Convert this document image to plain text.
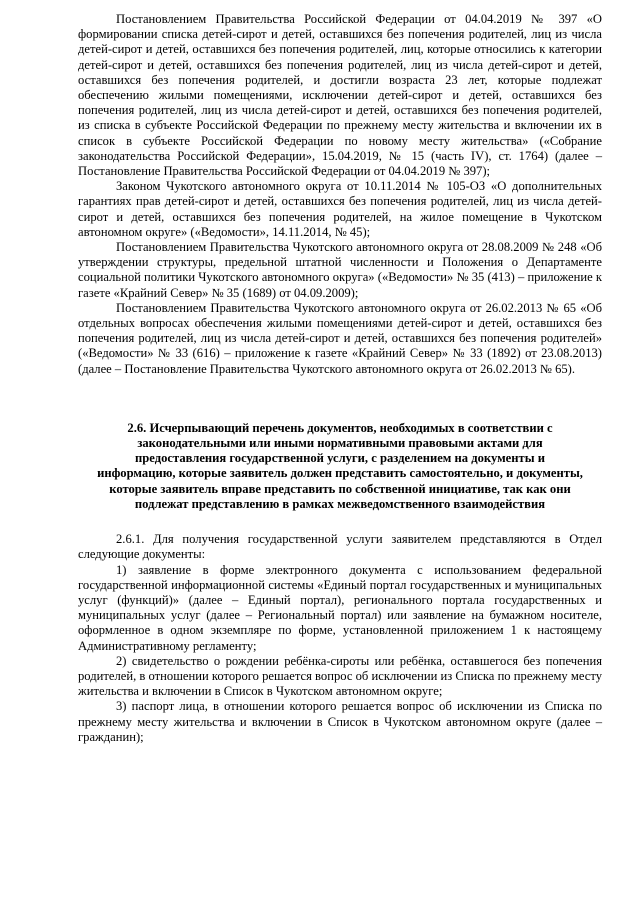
Постановлением Правительства Российской Федерации от 04.04.2019 № 397 «О формировании списка детей-сирот и детей, оставшихся без попечения родителей, лиц из числа детей-сирот и детей, оставшихся без попечения родителей, лиц, которые относились к категории детей-сирот и детей, оставшихся без попечения родителей, лиц из числа детей-сирот и детей, оставшихся без попечения родителей, и достигли возраста 23 лет, которые подлежат обеспечению жилыми помещениями, исключении детей-сирот и детей, оставшихся без попечения родителей, лиц из числа детей-сирот и детей, оставшихся без попечения родителей, из списка в субъекте Российской Федерации по прежнему месту жительства и включении их в список в субъекте Российской Федерации по новому месту жительства» («Собрание законодательства Российской Федерации», 15.04.2019, № 15 (часть IV), ст. 1764) (далее – Постановление Правительства Российской Федерации от 04.04.2019 № 397);

Законом Чукотского автономного округа от 10.11.2014 № 105-ОЗ «О дополнительных гарантиях прав детей-сирот и детей, оставшихся без попечения родителей, лиц из числа детей-сирот и детей, оставшихся без попечения родителей, на жилое помещение в Чукотском автономном округе» («Ведомости», 14.11.2014, № 45);

Постановлением Правительства Чукотского автономного округа от 28.08.2009 № 248 «Об утверждении структуры, предельной штатной численности и Положения о Департаменте социальной политики Чукотского автономного округа» («Ведомости» № 35 (413) – приложение к газете «Крайний Север» № 35 (1689) от 04.09.2009);

Постановлением Правительства Чукотского автономного округа от 26.02.2013 № 65 «Об отдельных вопросах обеспечения жилыми помещениями детей-сирот и детей, оставшихся без попечения родителей, лиц из числа детей-сирот и детей, оставшихся без попечения родителей» («Ведомости» № 33 (616) – приложение к газете «Крайний Север» № 33 (1892) от 23.08.2013) (далее – Постановление Правительства Чукотского автономного округа от 26.02.2013 № 65).

2.6. Исчерпывающий перечень документов, необходимых в соответствии с законодательными или иными нормативными правовыми актами для предоставления государственной услуги, с разделением на документы и информацию, которые заявитель должен представить самостоятельно, и документы, которые заявитель вправе представить по собственной инициативе, так как они подлежат представлению в рамках межведомственного взаимодействия

2.6.1. Для получения государственной услуги заявителем представляются в Отдел следующие документы:

1) заявление в форме электронного документа с использованием федеральной государственной информационной системы «Единый портал государственных и муниципальных услуг (функций)» (далее – Единый портал), регионального портала государственных и муниципальных услуг (далее – Региональный портал) или заявление на бумажном носителе, оформленное в одном экземпляре по форме, установленной приложением 1 к настоящему Административному регламенту;

2) свидетельство о рождении ребёнка-сироты или ребёнка, оставшегося без попечения родителей, в отношении которого решается вопрос об исключении из Списка по прежнему месту жительства и включении в Список в Чукотском автономном округе;

3) паспорт лица, в отношении которого решается вопрос об исключении из Списка по прежнему месту жительства и включении в Список в Чукотском автономном округе (далее – гражданин);
